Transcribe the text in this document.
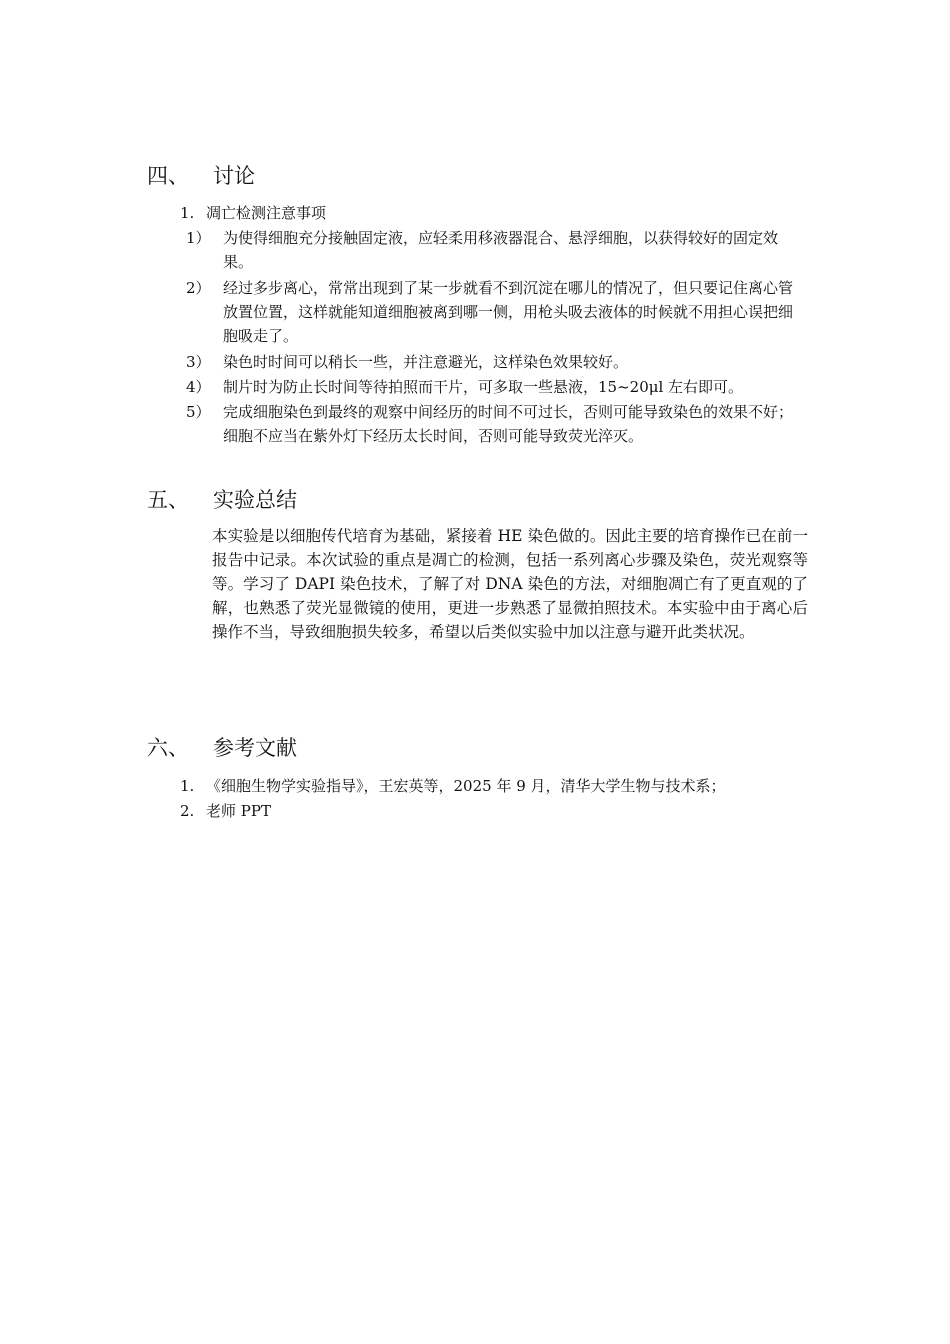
四、 讨论
1. 凋亡检测注意事项
1） 为使得细胞充分接触固定液，应轻柔用移液器混合、悬浮细胞，以获得较好的固定效果。
2） 经过多步离心，常常出现到了某一步就看不到沉淀在哪儿的情况了，但只要记住离心管放置位置，这样就能知道细胞被离到哪一侧，用枪头吸去液体的时候就不用担心误把细胞吸走了。
3） 染色时时间可以稍长一些，并注意避光，这样染色效果较好。
4） 制片时为防止长时间等待拍照而干片，可多取一些悬液，15~20μl 左右即可。
5） 完成细胞染色到最终的观察中间经历的时间不可过长，否则可能导致染色的效果不好；细胞不应当在紫外灯下经历太长时间，否则可能导致荧光淬灭。
五、 实验总结
本实验是以细胞传代培育为基础，紧接着 HE 染色做的。因此主要的培育操作已在前一报告中记录。本次试验的重点是凋亡的检测，包括一系列离心步骤及染色，荧光观察等等。学习了 DAPI 染色技术，了解了对 DNA 染色的方法，对细胞凋亡有了更直观的了解，也熟悉了荧光显微镜的使用，更进一步熟悉了显微拍照技术。本实验中由于离心后操作不当，导致细胞损失较多，希望以后类似实验中加以注意与避开此类状况。
六、 参考文献
1. 《细胞生物学实验指导》，王宏英等，2025 年 9 月，清华大学生物与技术系；
2. 老师 PPT
